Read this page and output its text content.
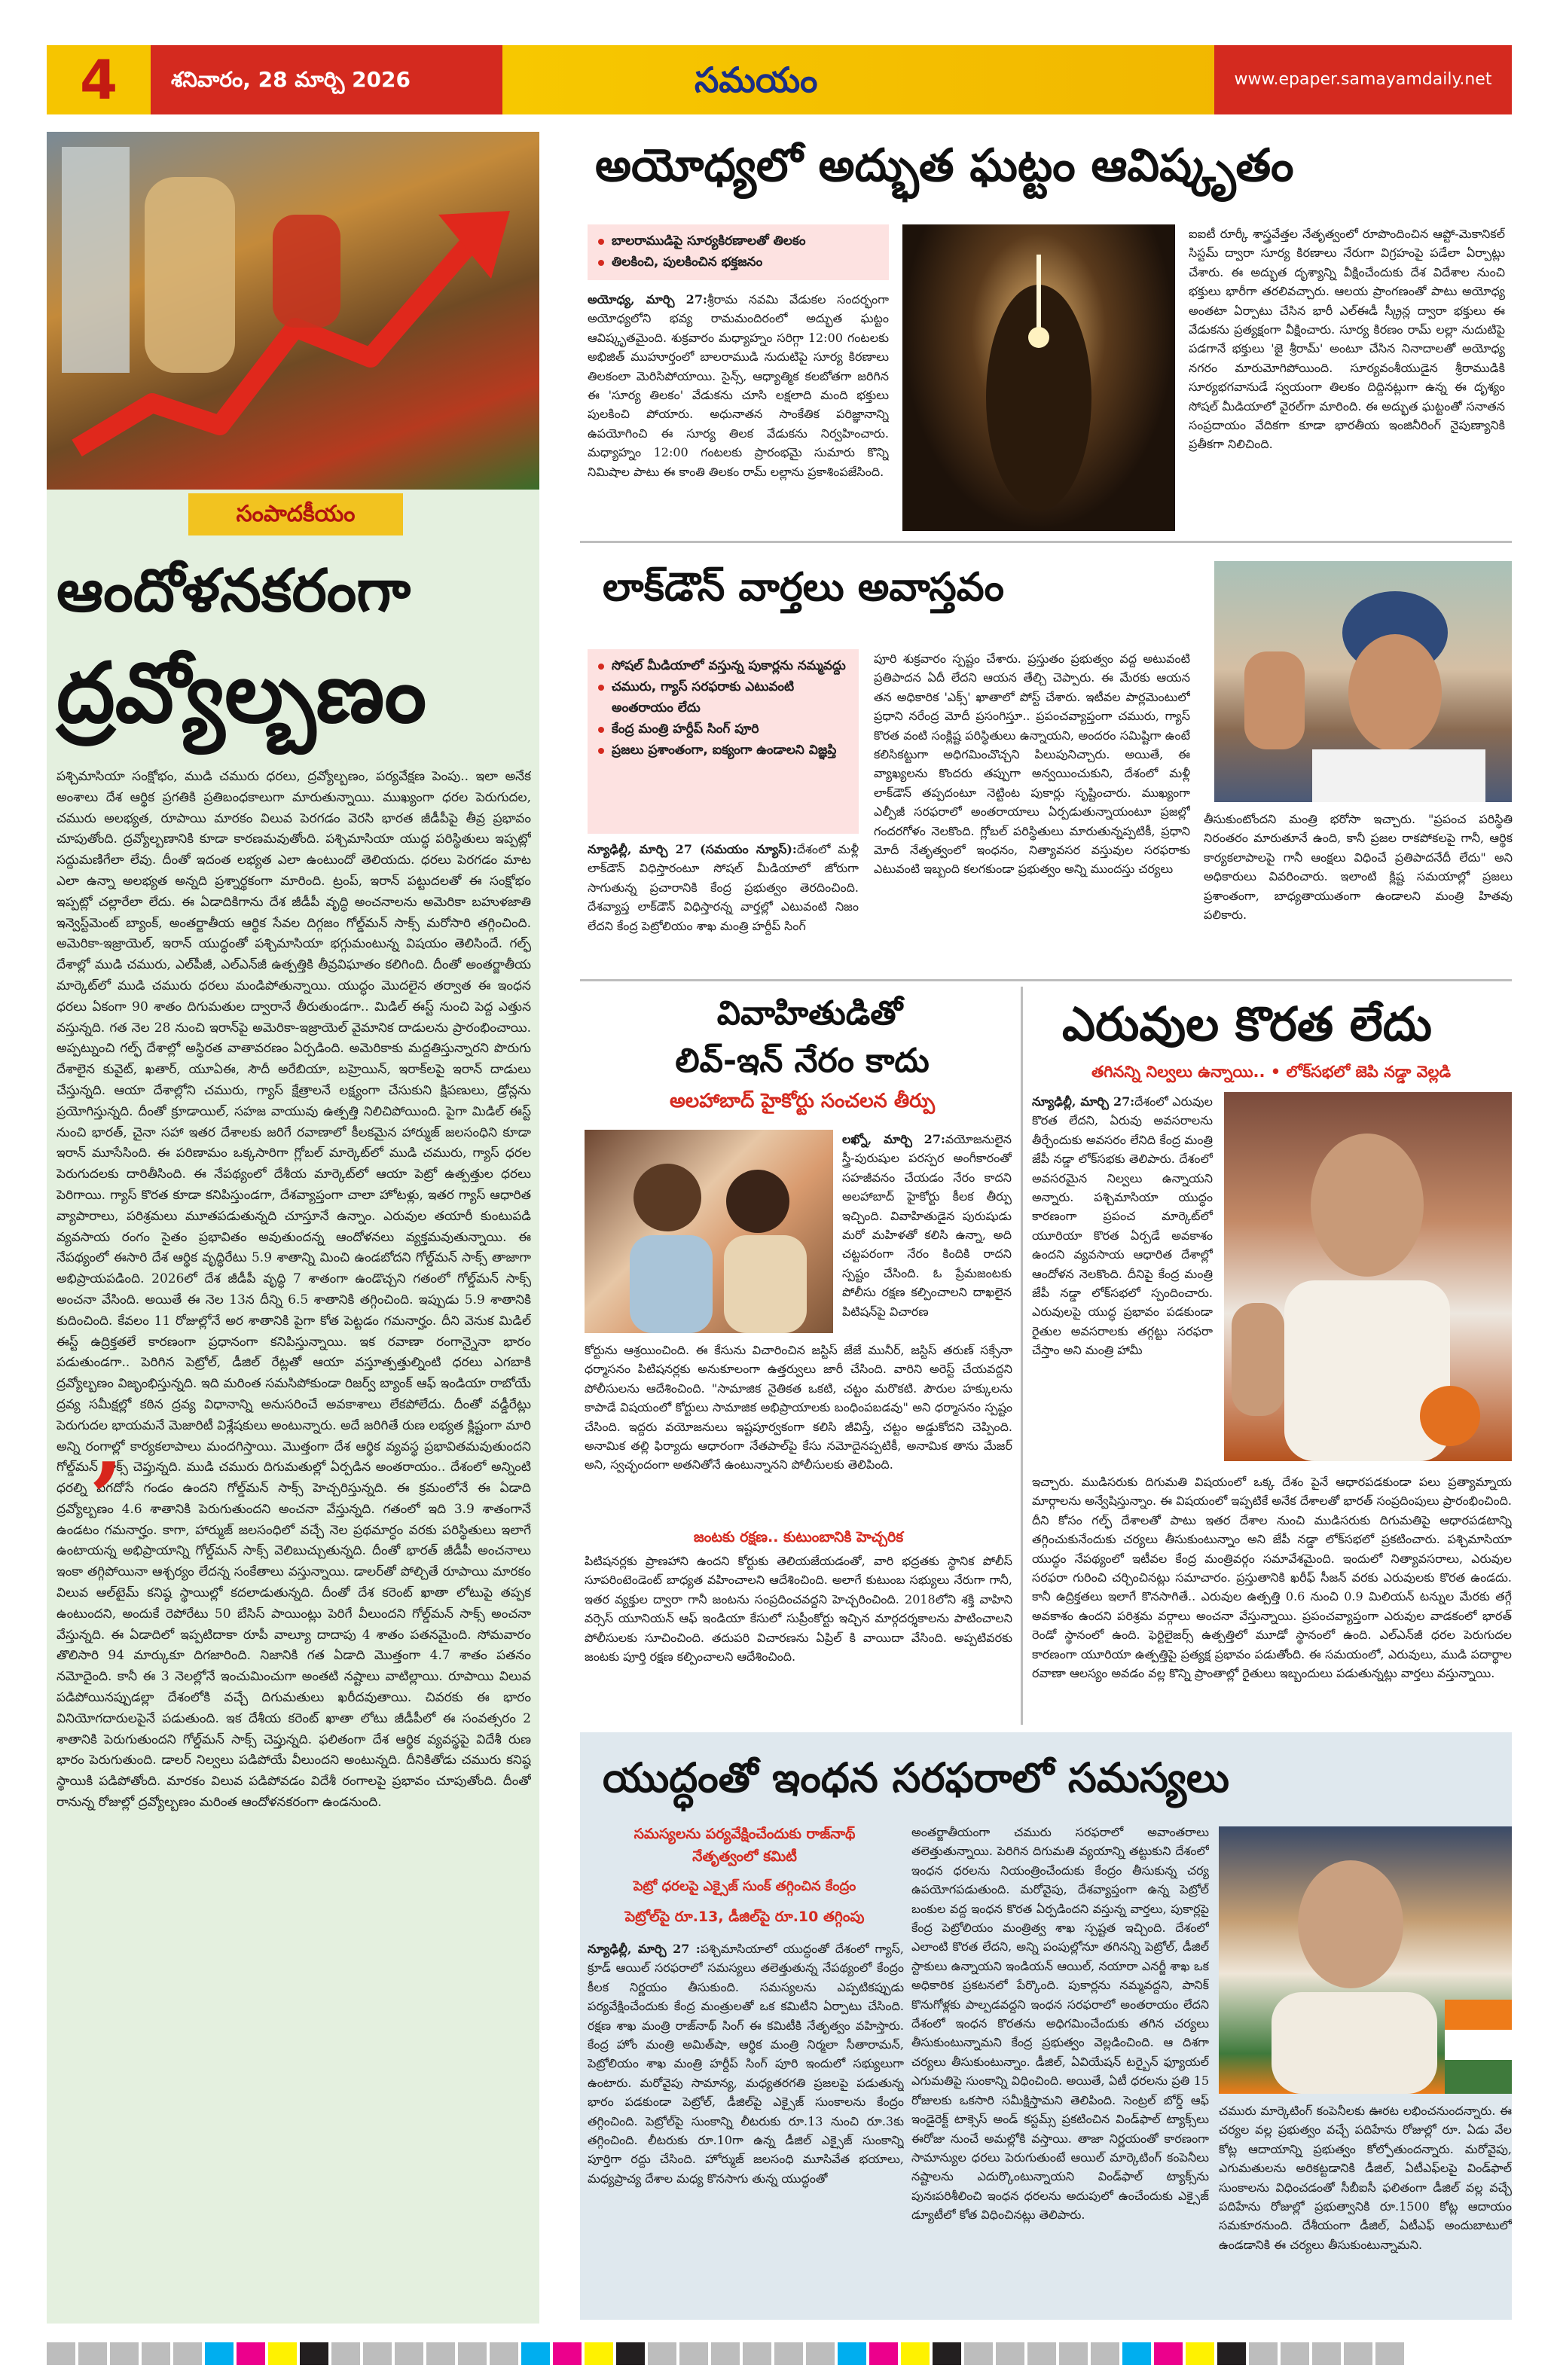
4	శనివారం, 28 మార్చి 2026	సమయం	www.epaper.samayamdaily.net
సంపాదకీయం
ఆందోళనకరంగా
ద్రవ్యోల్బణం
పశ్చిమాసియా సంక్షోభం, ముడి చమురు ధరలు, ద్రవ్యోల్బణం, పర్యవేక్షణ పెంపు.. ఇలా అనేక అంశాలు దేశ ఆర్థిక ప్రగతికి ప్రతిబంధకాలుగా మారుతున్నాయి. ముఖ్యంగా ధరల పెరుగుదల, చమురు అలభ్యత, రూపాయి మారకం విలువ పెరగడం వెరసి భారత జీడీపీపై తీవ్ర ప్రభావం చూపుతోంది. ద్రవ్యోల్బణానికి కూడా కారణమవుతోంది. పశ్చిమాసియా యుద్ధ పరిస్థితులు ఇప్పట్లో సద్దుమణిగేలా లేవు. దీంతో ఇదంత లభ్యత ఎలా ఉంటుందో తెలియదు. ధరలు పెరగడం మాట ఎలా ఉన్నా అలభ్యత అన్నది ప్రశ్నార్థకంగా మారింది. ట్రంప్, ఇరాన్ పట్టుదలతో ఈ సంక్షోభం ఇప్పట్లో చల్లారేలా లేదు. ఈ ఏడాదికిగాను దేశ జీడీపీ వృద్ధి అంచనాలను అమెరికా బహుళజాతి ఇన్వెస్ట్‌మెంట్ బ్యాంక్, అంతర్జాతీయ ఆర్థిక సేవల దిగ్గజం గోల్డ్‌మన్ సాక్స్ మరోసారి తగ్గించింది. అమెరికా-ఇజ్రాయెల్, ఇరాన్ యుద్ధంతో పశ్చిమాసియా భగ్గుమంటున్న విషయం తెలిసిందే. గల్ఫ్ దేశాల్లో ముడి చమురు, ఎల్‌పీజీ, ఎల్‌ఎన్‌జీ ఉత్పత్తికి తీవ్రవిఘాతం కలిగింది. దీంతో అంతర్జాతీయ మార్కెట్‌లో ముడి చమురు ధరలు మండిపోతున్నాయి. యుద్ధం మొదలైన తర్వాత ఈ ఇంధన ధరలు ఏకంగా 90 శాతం దిగుమతుల ద్వారానే తీరుతుండగా.. మిడిల్ ఈస్ట్ నుంచి పెద్ద ఎత్తున వస్తున్నది. గత నెల 28 నుంచి ఇరాన్‌పై అమెరికా-ఇజ్రాయెల్ వైమానిక దాడులను ప్రారంభించాయి. అప్పట్నుంచి గల్ఫ్ దేశాల్లో అస్థిరత వాతావరణం ఏర్పడింది. అమెరికాకు మద్దతిస్తున్నారని పొరుగు దేశాలైన కువైట్, ఖతార్, యూఏఈ, సౌదీ అరేబియా, బహ్రెయిన్, ఇరాక్‌లపై ఇరాన్ దాడులు చేస్తున్నది. ఆయా దేశాల్లోని చమురు, గ్యాస్ క్షేత్రాలనే లక్ష్యంగా చేసుకుని క్షిపణులు, డ్రోన్లను ప్రయోగిస్తున్నది. దీంతో క్రూడాయిల్, సహజ వాయువు ఉత్పత్తి నిలిచిపోయింది. పైగా మిడిల్ ఈస్ట్ నుంచి భారత్, చైనా సహా ఇతర దేశాలకు జరిగే రవాణాలో కీలకమైన హార్ముజ్ జలసంధిని కూడా ఇరాన్ మూసేసింది. ఈ పరిణామం ఒక్కసారిగా గ్లోబల్ మార్కెట్‌లో ముడి చమురు, గ్యాస్ ధరల పెరుగుదలకు దారితీసింది. ఈ నేపథ్యంలో దేశీయ మార్కెట్‌లో ఆయా పెట్రో ఉత్పత్తుల ధరలు పెరిగాయి. గ్యాస్ కొరత కూడా కనిపిస్తుండగా, దేశవ్యాప్తంగా చాలా హోటళ్లు, ఇతర గ్యాస్ ఆధారిత వ్యాపారాలు, పరిశ్రమలు మూతపడుతున్నది చూస్తూనే ఉన్నాం. ఎరువుల తయారీ కుంటుపడి వ్యవసాయ రంగం సైతం ప్రభావితం అవుతుందన్న ఆందోళనలు వ్యక్తమవుతున్నాయి. ఈ నేపథ్యంలో ఈసారి దేశ ఆర్థిక వృద్ధిరేటు 5.9 శాతాన్ని మించి ఉండబోదని గోల్డ్‌మన్ సాక్స్ తాజాగా అభిప్రాయపడింది. 2026లో దేశ జీడీపీ వృద్ధి 7 శాతంగా ఉండొచ్చని గతంలో గోల్డ్‌మన్ సాక్స్ అంచనా వేసింది. అయితే ఈ నెల 13న దీన్ని 6.5 శాతానికి తగ్గించింది. ఇప్పుడు 5.9 శాతానికి కుదించింది. కేవలం 11 రోజుల్లోనే అర శాతానికి పైగా కోత పెట్టడం గమనార్హం. దీని వెనుక మిడిల్ ఈస్ట్ ఉద్రిక్తతలే కారణంగా ప్రధానంగా కనిపిస్తున్నాయి. ఇక రవాణా రంగాన్నైనా భారం పడుతుండగా.. పెరిగిన పెట్రోల్, డీజిల్ రేట్లతో ఆయా వస్తూత్పత్తుల్నింటి ధరలు ఎగబాకి ద్రవ్యోల్బణం విజృంభిస్తున్నది. ఇది మరింత సమసిపోకుండా రిజర్వ్ బ్యాంక్ ఆఫ్ ఇండియా రాబోయే ద్రవ్య సమీక్షల్లో కఠిన ద్రవ్య విధానాన్ని అనుసరించే అవకాశాలు లేకపోలేదు. దీంతో వడ్డీరేట్లు పెరుగుదల భాయమనే మెజారిటీ విశ్లేషకులు అంటున్నారు. అదే జరిగితే రుణ లభ్యత క్లిష్టంగా మారి అన్ని రంగాల్లో కార్యకలాపాలు మందగిస్తాయి. మొత్తంగా దేశ ఆర్థిక వ్యవస్థ ప్రభావితమవుతుందని గోల్డ్‌మన్ సాక్స్ చెప్తున్నది. ముడి చమురు దిగుమతుల్లో ఏర్పడిన అంతరాయం.. దేశంలో అన్నింటి ధరల్ని ఎగదోసే గండం ఉందని గోల్డ్‌మన్ సాక్స్ హెచ్చరిస్తున్నది. ఈ క్రమంలోనే ఈ ఏడాది ద్రవ్యోల్బణం 4.6 శాతానికి పెరుగుతుందని అంచనా వేస్తున్నది. గతంలో ఇది 3.9 శాతంగానే ఉండటం గమనార్హం. కాగా, హార్ముజ్ జలసంధిలో వచ్చే నెల ప్రథమార్ధం వరకు పరిస్థితులు ఇలాగే ఉంటాయన్న అభిప్రాయాన్ని గోల్డ్‌మన్ సాక్స్ వెలిబుచ్చుతున్నది. దీంతో భారత్ జీడీపీ అంచనాలు ఇంకా తగ్గిపోయినా ఆశ్చర్యం లేదన్న సంకేతాలు వస్తున్నాయి. డాలర్‌తో పోల్చితే రూపాయి మారకం విలువ ఆల్‌టైమ్ కనిష్ఠ స్థాయిల్లో కదలాడుతున్నది. దీంతో దేశ కరెంట్ ఖాతా లోటుపై తప్పక ఉంటుందని, అందుకే రెపోరేటు 50 బేసిస్ పాయింట్లు పెరిగే వీలుందని గోల్డ్‌మన్ సాక్స్ అంచనా వేస్తున్నది. ఈ ఏడాదిలో ఇప్పటిదాకా రూపీ వాల్యూ దాదాపు 4 శాతం పతనమైంది. సోమవారం తొలిసారి 94 మార్కుకూ దిగజారింది. నిజానికి గత ఏడాది మొత్తంగా 4.7 శాతం పతనం నమోదైంది. కానీ ఈ 3 నెలల్లోనే ఇంచుమించుగా అంతటి నష్టాలు వాటిల్లాయి. రూపాయి విలువ పడిపోయినప్పుడల్లా దేశంలోకి వచ్చే దిగుమతులు ఖరీదవుతాయి. చివరకు ఈ భారం వినియోగదారులపైనే పడుతుంది. ఇక దేశీయ కరెంట్ ఖాతా లోటు జీడీపీలో ఈ సంవత్సరం 2 శాతానికి పెరుగుతుందని గోల్డ్‌మన్ సాక్స్ చెప్తున్నది. ఫలితంగా దేశ ఆర్థిక వ్యవస్థపై విదేశీ రుణ భారం పెరుగుతుంది. డాలర్ నిల్వలు పడిపోయే వీలుందని అంటున్నది. దీనికితోడు చమురు కనిష్ఠ స్థాయికి పడిపోతోంది. మారకం విలువ పడిపోవడం విదేశీ రంగాలపై ప్రభావం చూపుతోంది. దీంతో రానున్న రోజుల్లో ద్రవ్యోల్బణం మరింత ఆందోళనకరంగా ఉండనుంది.
’
అయోధ్యలో అద్భుత ఘట్టం ఆవిష్కృతం
బాలరాముడిపై సూర్యకిరణాలతో తిలకం
తిలకించి, పులకించిన భక్తజనం
అయోధ్య, మార్చి 27:శ్రీరామ నవమి వేడుకల సందర్భంగా అయోధ్యలోని భవ్య రామమందిరంలో అద్భుత ఘట్టం ఆవిష్కృతమైంది. శుక్రవారం మధ్యాహ్నం సరిగ్గా 12:00 గంటలకు అభిజిత్ ముహూర్తంలో బాలరాముడి నుదుటిపై సూర్య కిరణాలు తిలకంలా మెరిసిపోయాయి. సైన్స్, ఆధ్యాత్మిక కలబోతగా జరిగిన ఈ 'సూర్య తిలకం' వేడుకను చూసి లక్షలాది మంది భక్తులు పులకించి పోయారు. అధునాతన సాంకేతిక పరిజ్ఞానాన్ని ఉపయోగించి ఈ సూర్య తిలక వేడుకను నిర్వహించారు. మధ్యాహ్నం 12:00 గంటలకు ప్రారంభమై సుమారు కొన్ని నిమిషాల పాటు ఈ కాంతి తిలకం రామ్ లల్లాను ప్రకాశింపజేసింది.
ఐఐటీ రూర్కీ శాస్త్రవేత్తల నేతృత్వంలో రూపొందించిన ఆప్టో-మెకానికల్ సిస్టమ్ ద్వారా సూర్య కిరణాలు నేరుగా విగ్రహంపై పడేలా ఏర్పాట్లు చేశారు. ఈ అద్భుత దృశ్యాన్ని వీక్షించేందుకు దేశ విదేశాల నుంచి భక్తులు భారీగా తరలివచ్చారు. ఆలయ ప్రాంగణంతో పాటు అయోధ్య అంతటా ఏర్పాటు చేసిన భారీ ఎల్‌ఈడీ స్క్రీన్ల ద్వారా భక్తులు ఈ వేడుకను ప్రత్యక్షంగా వీక్షించారు. సూర్య కిరణం రామ్ లల్లా నుదుటిపై పడగానే భక్తులు 'జై శ్రీరామ్' అంటూ చేసిన నినాదాలతో అయోధ్య నగరం మారుమోగిపోయింది. సూర్యవంశీయుడైన శ్రీరాముడికి సూర్యభగవానుడే స్వయంగా తిలకం దిద్దినట్లుగా ఉన్న ఈ దృశ్యం సోషల్ మీడియాలో వైరల్‌గా మారింది. ఈ అద్భుత ఘట్టంతో సనాతన సంప్రదాయం వేదికగా కూడా భారతీయ ఇంజినీరింగ్ నైపుణ్యానికి ప్రతీకగా నిలిచింది.
లాక్‌డౌన్ వార్తలు అవాస్తవం
సోషల్ మీడియాలో వస్తున్న పుకార్లను నమ్మవద్దు
చమురు, గ్యాస్ సరఫరాకు ఎటువంటి అంతరాయం లేదు
కేంద్ర మంత్రి హర్దీప్ సింగ్ పూరి
ప్రజలు ప్రశాంతంగా, ఐక్యంగా ఉండాలని విజ్ఞప్తి
న్యూఢిల్లీ, మార్చి 27 (సమయం న్యూస్):దేశంలో మళ్లీ లాక్‌డౌన్ విధిస్తారంటూ సోషల్ మీడియాలో జోరుగా సాగుతున్న ప్రచారానికి కేంద్ర ప్రభుత్వం తెరదించింది. దేశవ్యాప్త లాక్‌డౌన్ విధిస్తారన్న వార్తల్లో ఎటువంటి నిజం లేదని కేంద్ర పెట్రోలియం శాఖ మంత్రి హర్దీప్ సింగ్
పూరి శుక్రవారం స్పష్టం చేశారు. ప్రస్తుతం ప్రభుత్వం వద్ద అటువంటి ప్రతిపాదన ఏదీ లేదని ఆయన తేల్చి చెప్పారు. ఈ మేరకు ఆయన తన అధికారిక 'ఎక్స్' ఖాతాలో పోస్ట్ చేశారు. ఇటీవల పార్లమెంటులో ప్రధాని నరేంద్ర మోదీ ప్రసంగిస్తూ.. ప్రపంచవ్యాప్తంగా చమురు, గ్యాస్ కొరత వంటి సంక్లిష్ట పరిస్థితులు ఉన్నాయని, అందరం సమిష్టిగా ఉంటే కలిసికట్టుగా అధిగమించొచ్చని పిలుపునిచ్చారు. అయితే, ఈ వ్యాఖ్యలను కొందరు తప్పుగా అన్వయించుకుని, దేశంలో మళ్లీ లాక్‌డౌన్ తప్పదంటూ నెట్టింట పుకార్లు సృష్టించారు. ముఖ్యంగా ఎల్పీజీ సరఫరాలో అంతరాయాలు ఏర్పడుతున్నాయంటూ ప్రజల్లో గందరగోళం నెలకొంది. గ్లోబల్ పరిస్థితులు మారుతున్నప్పటికీ, ప్రధాని మోదీ నేతృత్వంలో ఇంధనం, నిత్యావసర వస్తువుల సరఫరాకు ఎటువంటి ఇబ్బంది కలగకుండా ప్రభుత్వం అన్ని ముందస్తు చర్యలు
తీసుకుంటోందని మంత్రి భరోసా ఇచ్చారు. "ప్రపంచ పరిస్థితి నిరంతరం మారుతూనే ఉంది, కానీ ప్రజల రాకపోకలపై గానీ, ఆర్థిక కార్యకలాపాలపై గానీ ఆంక్షలు విధించే ప్రతిపాదనేదీ లేదు" అని అధికారులు వివరించారు. ఇలాంటి క్లిష్ట సమయాల్లో ప్రజలు ప్రశాంతంగా, బాధ్యతాయుతంగా ఉండాలని మంత్రి హితవు పలికారు.
వివాహితుడితో
లివ్-ఇన్ నేరం కాదు
అలహాబాద్ హైకోర్టు సంచలన తీర్పు
లఖ్నో, మార్చి 27:వయోజనులైన స్త్రీ-పురుషుల పరస్పర అంగీకారంతో సహజీవనం చేయడం నేరం కాదని అలహాబాద్ హైకోర్టు కీలక తీర్పు ఇచ్చింది. వివాహితుడైన పురుషుడు మరో మహిళతో కలిసి ఉన్నా, అది చట్టపరంగా నేరం కిందికి రాదని స్పష్టం చేసింది. ఓ ప్రేమజంటకు పోలీసు రక్షణ కల్పించాలని దాఖలైన పిటిషన్‌పై విచారణ
కోర్టును ఆశ్రయించింది. ఈ కేసును విచారించిన జస్టిస్ జేజే మునీర్, జస్టిస్ తరుణ్ సక్సేనా ధర్మాసనం పిటిషనర్లకు అనుకూలంగా ఉత్తర్వులు జారీ చేసింది. వారిని అరెస్ట్ చేయవద్దని పోలీసులను ఆదేశించింది. "సామాజిక నైతికత ఒకటి, చట్టం మరొకటి. పౌరుల హక్కులను కాపాడే విషయంలో కోర్టులు సామాజిక అభిప్రాయాలకు బంధింపబడవు" అని ధర్మాసనం స్పష్టం చేసింది. ఇద్దరు వయోజనులు ఇష్టపూర్వకంగా కలిసి జీవిస్తే, చట్టం అడ్డుకోదని చెప్పింది. అనామిక తల్లి ఫిర్యాదు ఆధారంగా నేతపాల్‌పై కేసు నమోదైనప్పటికీ, అనామిక తాను మేజర్ అని, స్వచ్ఛందంగా అతనితోనే ఉంటున్నానని పోలీసులకు తెలిపింది.
జంటకు రక్షణ.. కుటుంబానికి హెచ్చరిక
పిటిషనర్లకు ప్రాణహాని ఉందని కోర్టుకు తెలియజేయడంతో, వారి భద్రతకు స్థానిక పోలీస్ సూపరింటెండెంట్ బాధ్యత వహించాలని ఆదేశించింది. అలాగే కుటుంబ సభ్యులు నేరుగా గానీ, ఇతర వ్యక్తుల ద్వారా గానీ జంటను సంప్రదించవద్దని హెచ్చరించింది. 2018లోని శక్తి వాహిని వర్సెస్ యూనియన్ ఆఫ్ ఇండియా కేసులో సుప్రీంకోర్టు ఇచ్చిన మార్గదర్శకాలను పాటించాలని పోలీసులకు సూచించింది. తదుపరి విచారణను ఏప్రిల్ కి వాయిదా వేసింది. అప్పటివరకు జంటకు పూర్తి రక్షణ కల్పించాలని ఆదేశించింది.
ఎరువుల కొరత లేదు
తగినన్ని నిల్వలు ఉన్నాయి.. • లోక్‌సభలో జెపి నడ్డా వెల్లడి
న్యూఢిల్లీ, మార్చి 27:దేశంలో ఎరువుల కొరత లేదని, ఏరువు అవసరాలను తీర్చేందుకు అవసరం లేనిది కేంద్ర మంత్రి జేపీ నడ్డా లోక్‌సభకు తెలిపారు. దేశంలో అవసరమైన నిల్వలు ఉన్నాయని అన్నారు. పశ్చిమాసియా యుద్ధం కారణంగా ప్రపంచ మార్కెట్‌లో యూరియా కొరత ఏర్పడే అవకాశం ఉందని వ్యవసాయ ఆధారిత దేశాల్లో ఆందోళన నెలకొంది. దీనిపై కేంద్ర మంత్రి జేపీ నడ్డా లోక్‌సభలో స్పందించారు. ఎరువులపై యుద్ధ ప్రభావం పడకుండా రైతుల అవసరాలకు తగ్గట్టు సరఫరా చేస్తాం అని మంత్రి హామీ
ఇచ్చారు. ముడిసరుకు దిగుమతి విషయంలో ఒక్క దేశం పైనే ఆధారపడకుండా పలు ప్రత్యామ్నాయ మార్గాలను అన్వేషిస్తున్నాం. ఈ విషయంలో ఇప్పటికే అనేక దేశాలతో భారత్ సంప్రదింపులు ప్రారంభించింది. దీని కోసం గల్ఫ్ దేశాలతో పాటు ఇతర దేశాల నుంచి ముడిసరుకు దిగుమతిపై ఆధారపడటాన్ని తగ్గించుకునేందుకు చర్యలు తీసుకుంటున్నాం అని జేపీ నడ్డా లోక్‌సభలో ప్రకటించారు. పశ్చిమాసియా యుద్ధం నేపథ్యంలో ఇటీవల కేంద్ర మంత్రివర్గం సమావేశమైంది. ఇందులో నిత్యావసరాలు, ఎరువుల సరఫరా గురించి చర్చించినట్లు సమాచారం. ప్రస్తుతానికి ఖరీఫ్ సీజన్ వరకు ఎరువులకు కొరత ఉండదు. కానీ ఉద్రిక్తతలు ఇలాగే కొనసాగితే.. ఎరువుల ఉత్పత్తి 0.6 నుంచి 0.9 మిలియన్ టన్నుల మేరకు తగ్గే అవకాశం ఉందని పరిశ్రమ వర్గాలు అంచనా వేస్తున్నాయి. ప్రపంచవ్యాప్తంగా ఎరువుల వాడకంలో భారత్ రెండో స్థానంలో ఉంది. ఫెర్టిలైజర్స్ ఉత్పత్తిలో మూడో స్థానంలో ఉంది. ఎల్‌ఎన్‌జీ ధరల పెరుగుదల కారణంగా యూరియా ఉత్పత్తిపై ప్రత్యక్ష ప్రభావం పడుతోంది. ఈ సమయంలో, ఎరువులు, ముడి పదార్థాల రవాణా ఆలస్యం అవడం వల్ల కొన్ని ప్రాంతాల్లో రైతులు ఇబ్బందులు పడుతున్నట్లు వార్తలు వస్తున్నాయి.
యుద్ధంతో ఇంధన సరఫరాలో సమస్యలు
సమస్యలను పర్యవేక్షించేందుకు రాజ్‌నాథ్
నేతృత్వంలో కమిటీ
పెట్రో ధరలపై ఎక్సైజ్ సుంక్ తగ్గించిన కేంద్రం
పెట్రోల్‌పై రూ.13, డీజిల్‌పై రూ.10 తగ్గింపు
న్యూఢిల్లీ, మార్చి 27 :పశ్చిమాసియాలో యుద్ధంతో దేశంలో గ్యాస్, క్రూడ్ ఆయిల్ సరఫరాలో సమస్యలు తలెత్తుతున్న నేపథ్యంలో కేంద్రం కీలక నిర్ణయం తీసుకుంది. సమస్యలను ఎప్పటికప్పుడు పర్యవేక్షించేందుకు కేంద్ర మంత్రులతో ఒక కమిటీని ఏర్పాటు చేసింది. రక్షణ శాఖ మంత్రి రాజ్‌నాథ్ సింగ్ ఈ కమిటీకి నేతృత్వం వహిస్తారు. కేంద్ర హోం మంత్రి అమిత్‌షా, ఆర్థిక మంత్రి నిర్మలా సీతారామన్, పెట్రోలియం శాఖ మంత్రి హర్దీప్ సింగ్ పూరి ఇందులో సభ్యులుగా ఉంటారు. మరోవైపు సామాన్య, మధ్యతరగతి ప్రజలపై పడుతున్న భారం పడకుండా పెట్రోల్, డీజిల్‌పై ఎక్సైజ్ సుంకాలను కేంద్రం తగ్గించింది. పెట్రోల్‌పై సుంకాన్ని లీటరుకు రూ.13 నుంచి రూ.3కు తగ్గించింది. లీటరుకు రూ.10గా ఉన్న డీజిల్ ఎక్సైజ్ సుంకాన్ని పూర్తిగా రద్దు చేసింది. హోర్ముజ్ జలసంధి మూసివేత భయాలు, మధ్యప్రాచ్య దేశాల మధ్య కొనసాగు తున్న యుద్ధంతో
అంతర్జాతీయంగా చమురు సరఫరాలో అవాంతరాలు తలెత్తుతున్నాయి. పెరిగిన దిగుమతి వ్యయాన్ని తట్టుకుని దేశంలో ఇంధన ధరలను నియంత్రించేందుకు కేంద్రం తీసుకున్న చర్య ఉపయోగపడుతుంది. మరోవైపు, దేశవ్యాప్తంగా ఉన్న పెట్రోల్ బంకుల వద్ద ఇంధన కొరత ఏర్పడిందని వస్తున్న వార్తలు, పుకార్లపై కేంద్ర పెట్రోలియం మంత్రిత్వ శాఖ స్పష్టత ఇచ్చింది. దేశంలో ఎలాంటి కొరత లేదని, అన్ని పంపుల్లోనూ తగినన్ని పెట్రోల్, డీజిల్ స్టాకులు ఉన్నాయని ఇండియన్ ఆయిల్, నయారా ఎనర్జీ శాఖ ఒక అధికారిక ప్రకటనలో పేర్కొంది. పుకార్లను నమ్మవద్దని, పానిక్ కొనుగోళ్లకు పాల్పడవద్దని ఇంధన సరఫరాలో అంతరాయం లేదని దేశంలో ఇంధన కొరతను అధిగమించేందుకు తగిన చర్యలు తీసుకుంటున్నామని కేంద్ర ప్రభుత్వం వెల్లడించింది. ఆ దిశగా చర్యలు తీసుకుంటున్నాం. డీజిల్, ఏవియేషన్ టర్బైన్ ఫ్యూయల్ ఎగుమతిపై సుంకాన్ని విధించింది. అయితే, ఏటీ ధరలను ప్రతి 15 రోజులకు ఒకసారి సమీక్షిస్తామని తెలిపింది. సెంట్రల్ బోర్డ్ ఆఫ్ ఇండైరెక్ట్ టాక్సెస్ అండ్ కస్టమ్స్ ప్రకటించిన విండ్‌ఫాల్ ట్యాక్స్‌లు ఈరోజు నుంచే అమల్లోకి వస్తాయి. తాజా నిర్ణయంతో కారణంగా సామాన్యుల ధరలు పెరుగుతుంటే ఆయిల్ మార్కెటింగ్ కంపెనీలు నష్టాలను ఎదుర్కొంటున్నాయని విండ్‌ఫాల్ ట్యాక్స్‌ను పునఃపరిశీలించి ఇంధన ధరలను అదుపులో ఉంచేందుకు ఎక్సైజ్ డ్యూటీలో కోత విధించినట్లు తెలిపారు.
చమురు మార్కెటింగ్ కంపెనీలకు ఊరట లభించనుందన్నారు. ఈ చర్యల వల్ల ప్రభుత్వం వచ్చే పదిహేను రోజుల్లో రూ. ఏడు వేల కోట్ల ఆదాయాన్ని ప్రభుత్వం కోల్పోతుందన్నారు. మరోవైపు, ఎగుమతులను అరికట్టడానికి డీజిల్, ఏటీఎఫ్‌లపై విండ్‌ఫాల్ సుంకాలను విధించడంతో సీబీఐసీ ఫలితంగా డీజిల్ వల్ల వచ్చే పదిహేను రోజుల్లో ప్రభుత్వానికి రూ.1500 కోట్ల ఆదాయం సమకూరనుంది. దేశీయంగా డీజిల్, ఏటీఎఫ్ అందుబాటులో ఉండడానికి ఈ చర్యలు తీసుకుంటున్నామని.
